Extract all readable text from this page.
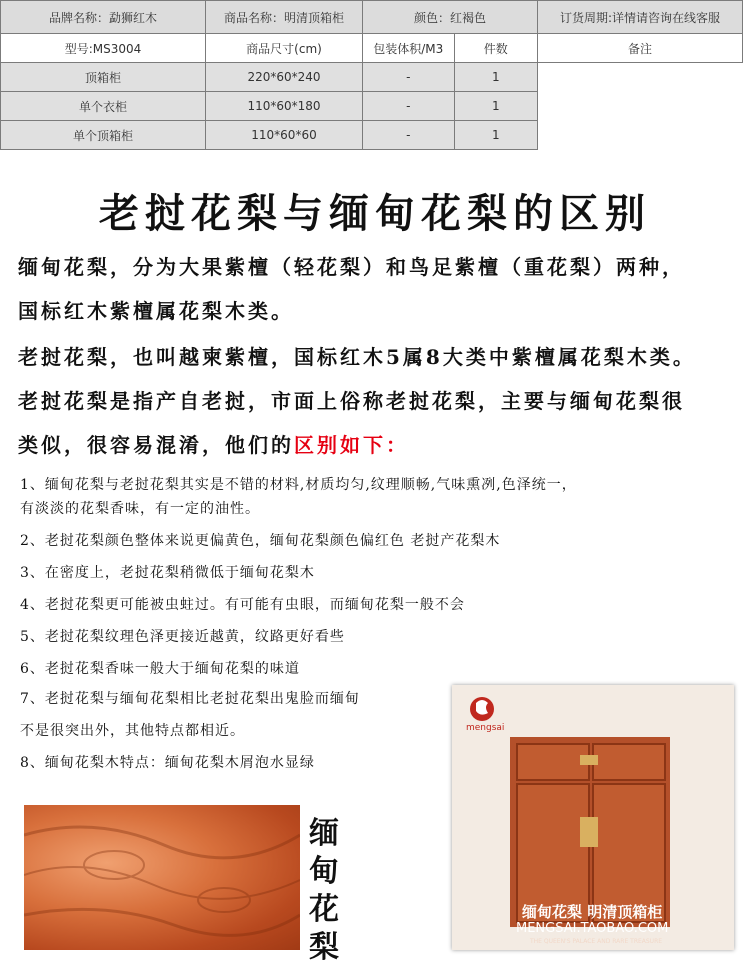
品牌名称：勐狮红木	商品名称：明清顶箱柜	颜色：红褐色		订货周期:详情请咨询在线客服
型号:MS3004	商品尺寸(cm)	包装体积/M3	件数	备注
顶箱柜	220*60*240	-	1	
单个衣柜	110*60*180	-	1	
单个顶箱柜	110*60*60	-	1	
老挝花梨与缅甸花梨的区别
缅甸花梨，分为大果紫檀（轻花梨）和鸟足紫檀（重花梨）两种，
国标红木紫檀属花梨木类。
老挝花梨，也叫越柬紫檀，国标红木5属8大类中紫檀属花梨木类。
老挝花梨是指产自老挝，市面上俗称老挝花梨，主要与缅甸花梨很
类似，很容易混淆，他们的区别如下：
1、缅甸花梨与老挝花梨其实是不错的材料,材质均匀,纹理顺畅,气味熏冽,色泽统一，
有淡淡的花梨香味，有一定的油性。
2、老挝花梨颜色整体来说更偏黄色，缅甸花梨颜色偏红色 老挝产花梨木
3、在密度上，老挝花梨稍微低于缅甸花梨木
4、老挝花梨更可能被虫蛀过。有可能有虫眼，而缅甸花梨一般不会
5、老挝花梨纹理色泽更接近越黄，纹路更好看些
6、老挝花梨香味一般大于缅甸花梨的味道
7、老挝花梨与缅甸花梨相比老挝花梨出鬼脸而缅甸
不是很突出外，其他特点都相近。
8、缅甸花梨木特点：缅甸花梨木屑泡水显绿
mengsai
缅甸花梨 明清顶箱柜
MENGSAI.TAOBAO.COM
THE QUEEN'S PALACE AND RARE TREASURE
缅甸花梨
